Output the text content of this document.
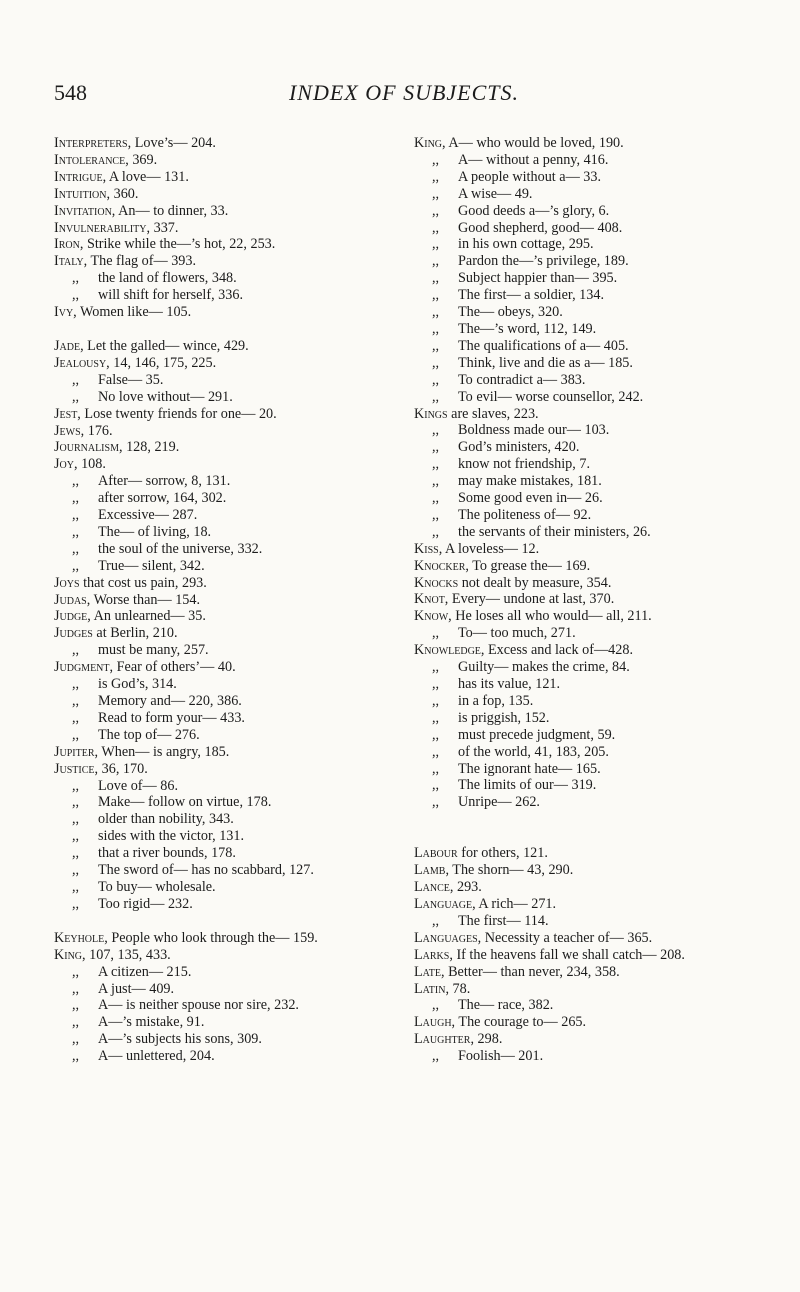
548	INDEX OF SUBJECTS.
Interpreters, Love’s— 204.
Intolerance, 369.
Intrigue, A love— 131.
Intuition, 360.
Invitation, An— to dinner, 33.
Invulnerability, 337.
Iron, Strike while the—’s hot, 22, 253.
Italy, The flag of— 393.
,, the land of flowers, 348.
,, will shift for herself, 336.
Ivy, Women like— 105.
Jade, Let the galled— wince, 429.
Jealousy, 14, 146, 175, 225.
,, False— 35.
,, No love without— 291.
Jest, Lose twenty friends for one— 20.
Jews, 176.
Journalism, 128, 219.
Joy, 108.
,, After— sorrow, 8, 131.
,, after sorrow, 164, 302.
,, Excessive— 287.
,, The— of living, 18.
,, the soul of the universe, 332.
,, True— silent, 342.
Joys that cost us pain, 293.
Judas, Worse than— 154.
Judge, An unlearned— 35.
Judges at Berlin, 210.
,, must be many, 257.
Judgment, Fear of others’— 40.
,, is God’s, 314.
,, Memory and— 220, 386.
,, Read to form your— 433.
,, The top of— 276.
Jupiter, When— is angry, 185.
Justice, 36, 170.
,, Love of— 86.
,, Make— follow on virtue, 178.
,, older than nobility, 343.
,, sides with the victor, 131.
,, that a river bounds, 178.
,, The sword of— has no scabbard, 127.
,, To buy— wholesale.
,, Too rigid— 232.
Keyhole, People who look through the— 159.
King, 107, 135, 433.
,, A citizen— 215.
,, A just— 409.
,, A— is neither spouse nor sire, 232.
,, A—’s mistake, 91.
,, A—’s subjects his sons, 309.
,, A— unlettered, 204.
King, A— who would be loved, 190.
,, A— without a penny, 416.
,, A people without a— 33.
,, A wise— 49.
,, Good deeds a—’s glory, 6.
,, Good shepherd, good— 408.
,, in his own cottage, 295.
,, Pardon the—’s privilege, 189.
,, Subject happier than— 395.
,, The first— a soldier, 134.
,, The— obeys, 320.
,, The—’s word, 112, 149.
,, The qualifications of a— 405.
,, Think, live and die as a— 185.
,, To contradict a— 383.
,, To evil— worse counsellor, 242.
Kings are slaves, 223.
,, Boldness made our— 103.
,, God’s ministers, 420.
,, know not friendship, 7.
,, may make mistakes, 181.
,, Some good even in— 26.
,, The politeness of— 92.
,, the servants of their ministers, 26.
Kiss, A loveless— 12.
Knocker, To grease the— 169.
Knocks not dealt by measure, 354.
Knot, Every— undone at last, 370.
Know, He loses all who would— all, 211.
,, To— too much, 271.
Knowledge, Excess and lack of—428.
,, Guilty— makes the crime, 84.
,, has its value, 121.
,, in a fop, 135.
,, is priggish, 152.
,, must precede judgment, 59.
,, of the world, 41, 183, 205.
,, The ignorant hate— 165.
,, The limits of our— 319.
,, Unripe— 262.
Labour for others, 121.
Lamb, The shorn— 43, 290.
Lance, 293.
Language, A rich— 271.
,, The first— 114.
Languages, Necessity a teacher of— 365.
Larks, If the heavens fall we shall catch— 208.
Late, Better— than never, 234, 358.
Latin, 78.
,, The— race, 382.
Laugh, The courage to— 265.
Laughter, 298.
,, Foolish— 201.
